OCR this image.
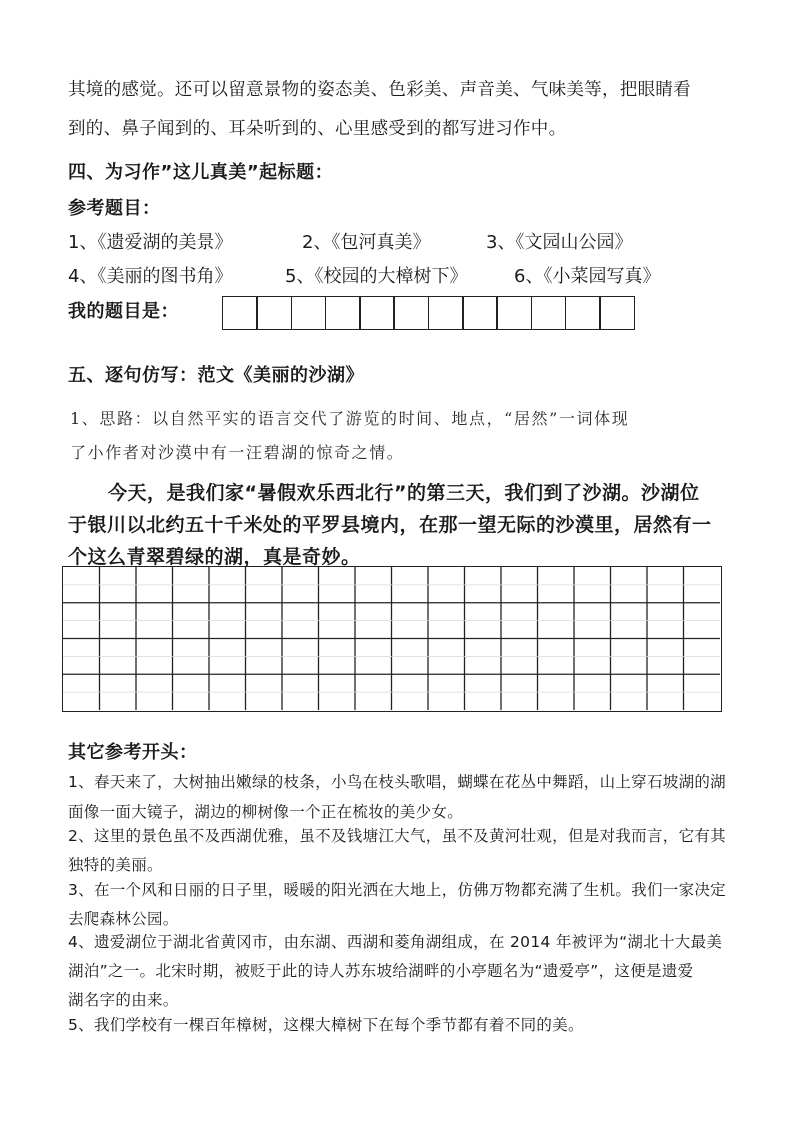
其境的感觉。还可以留意景物的姿态美、色彩美、声音美、气味美等，把眼睛看
到的、鼻子闻到的、耳朵听到的、心里感受到的都写进习作中。
四、为习作”这儿真美”起标题：
参考题目：
1、《遗爱湖的美景》	2、《包河真美》	3、《文园山公园》
4、《美丽的图书角》	5、《校园的大樟树下》	6、《小菜园写真》
我的题目是：
五、逐句仿写：范文《美丽的沙湖》
1、思路：以自然平实的语言交代了游览的时间、地点，“居然”一词体现
了小作者对沙漠中有一汪碧湖的惊奇之情。
今天，是我们家“暑假欢乐西北行”的第三天，我们到了沙湖。沙湖位
于银川以北约五十千米处的平罗县境内，在那一望无际的沙漠里，居然有一
个这么青翠碧绿的湖，真是奇妙。
其它参考开头：
1、春天来了，大树抽出嫩绿的枝条，小鸟在枝头歌唱，蝴蝶在花丛中舞蹈，山上穿石坡湖的湖
面像一面大镜子，湖边的柳树像一个正在梳妆的美少女。
2、这里的景色虽不及西湖优雅，虽不及钱塘江大气，虽不及黄河壮观，但是对我而言，它有其
独特的美丽。
3、在一个风和日丽的日子里，暖暖的阳光洒在大地上，仿佛万物都充满了生机。我们一家决定
去爬森林公园。
4、遗爱湖位于湖北省黄冈市，由东湖、西湖和菱角湖组成，在 2014 年被评为“湖北十大最美
湖泊”之一。北宋时期，被贬于此的诗人苏东坡给湖畔的小亭题名为“遗爱亭”，这便是遗爱
湖名字的由来。
5、我们学校有一棵百年樟树，这棵大樟树下在每个季节都有着不同的美。
